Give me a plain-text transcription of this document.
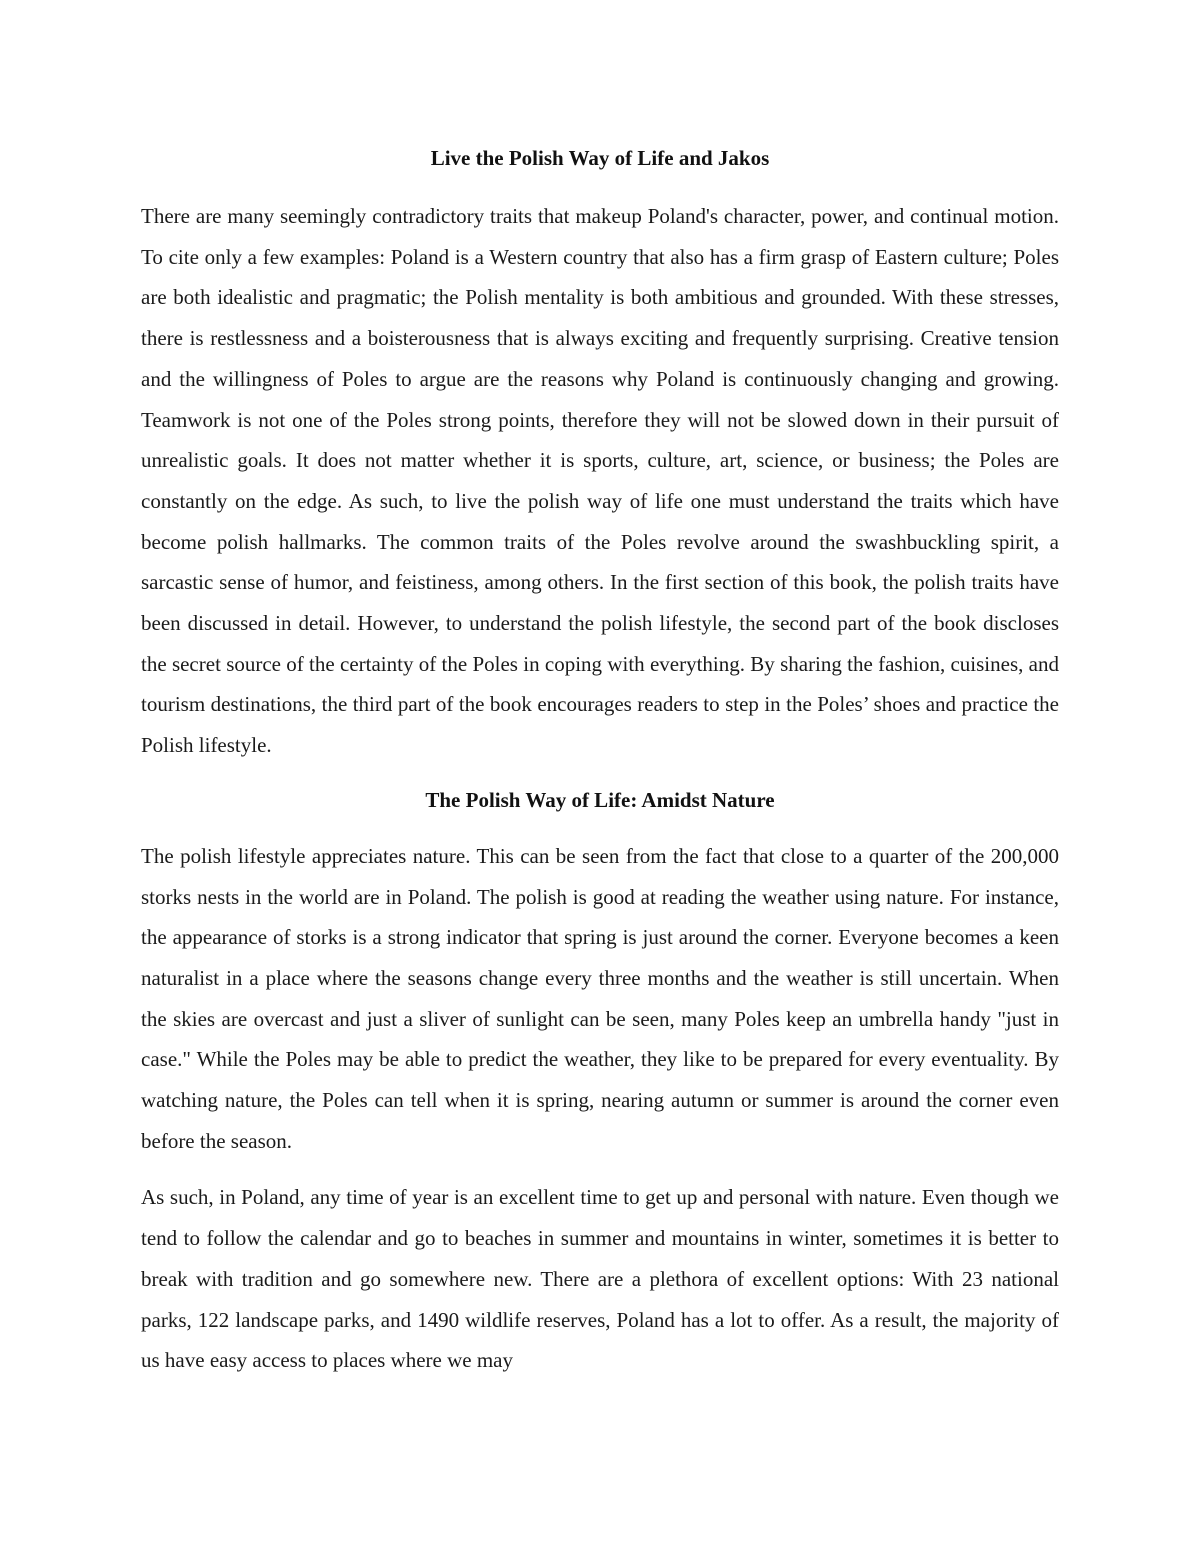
Live the Polish Way of Life and Jakos

There are many seemingly contradictory traits that makeup Poland's character, power, and continual motion. To cite only a few examples: Poland is a Western country that also has a firm grasp of Eastern culture; Poles are both idealistic and pragmatic; the Polish mentality is both ambitious and grounded. With these stresses, there is restlessness and a boisterousness that is always exciting and frequently surprising. Creative tension and the willingness of Poles to argue are the reasons why Poland is continuously changing and growing. Teamwork is not one of the Poles strong points, therefore they will not be slowed down in their pursuit of unrealistic goals. It does not matter whether it is sports, culture, art, science, or business; the Poles are constantly on the edge. As such, to live the polish way of life one must understand the traits which have become polish hallmarks. The common traits of the Poles revolve around the swashbuckling spirit, a sarcastic sense of humor, and feistiness, among others. In the first section of this book, the polish traits have been discussed in detail. However, to understand the polish lifestyle, the second part of the book discloses the secret source of the certainty of the Poles in coping with everything. By sharing the fashion, cuisines, and tourism destinations, the third part of the book encourages readers to step in the Poles’ shoes and practice the Polish lifestyle.

The Polish Way of Life: Amidst Nature

The polish lifestyle appreciates nature. This can be seen from the fact that close to a quarter of the 200,000 storks nests in the world are in Poland. The polish is good at reading the weather using nature. For instance, the appearance of storks is a strong indicator that spring is just around the corner. Everyone becomes a keen naturalist in a place where the seasons change every three months and the weather is still uncertain. When the skies are overcast and just a sliver of sunlight can be seen, many Poles keep an umbrella handy "just in case." While the Poles may be able to predict the weather, they like to be prepared for every eventuality. By watching nature, the Poles can tell when it is spring, nearing autumn or summer is around the corner even before the season.

As such, in Poland, any time of year is an excellent time to get up and personal with nature. Even though we tend to follow the calendar and go to beaches in summer and mountains in winter, sometimes it is better to break with tradition and go somewhere new. There are a plethora of excellent options: With 23 national parks, 122 landscape parks, and 1490 wildlife reserves, Poland has a lot to offer. As a result, the majority of us have easy access to places where we may
